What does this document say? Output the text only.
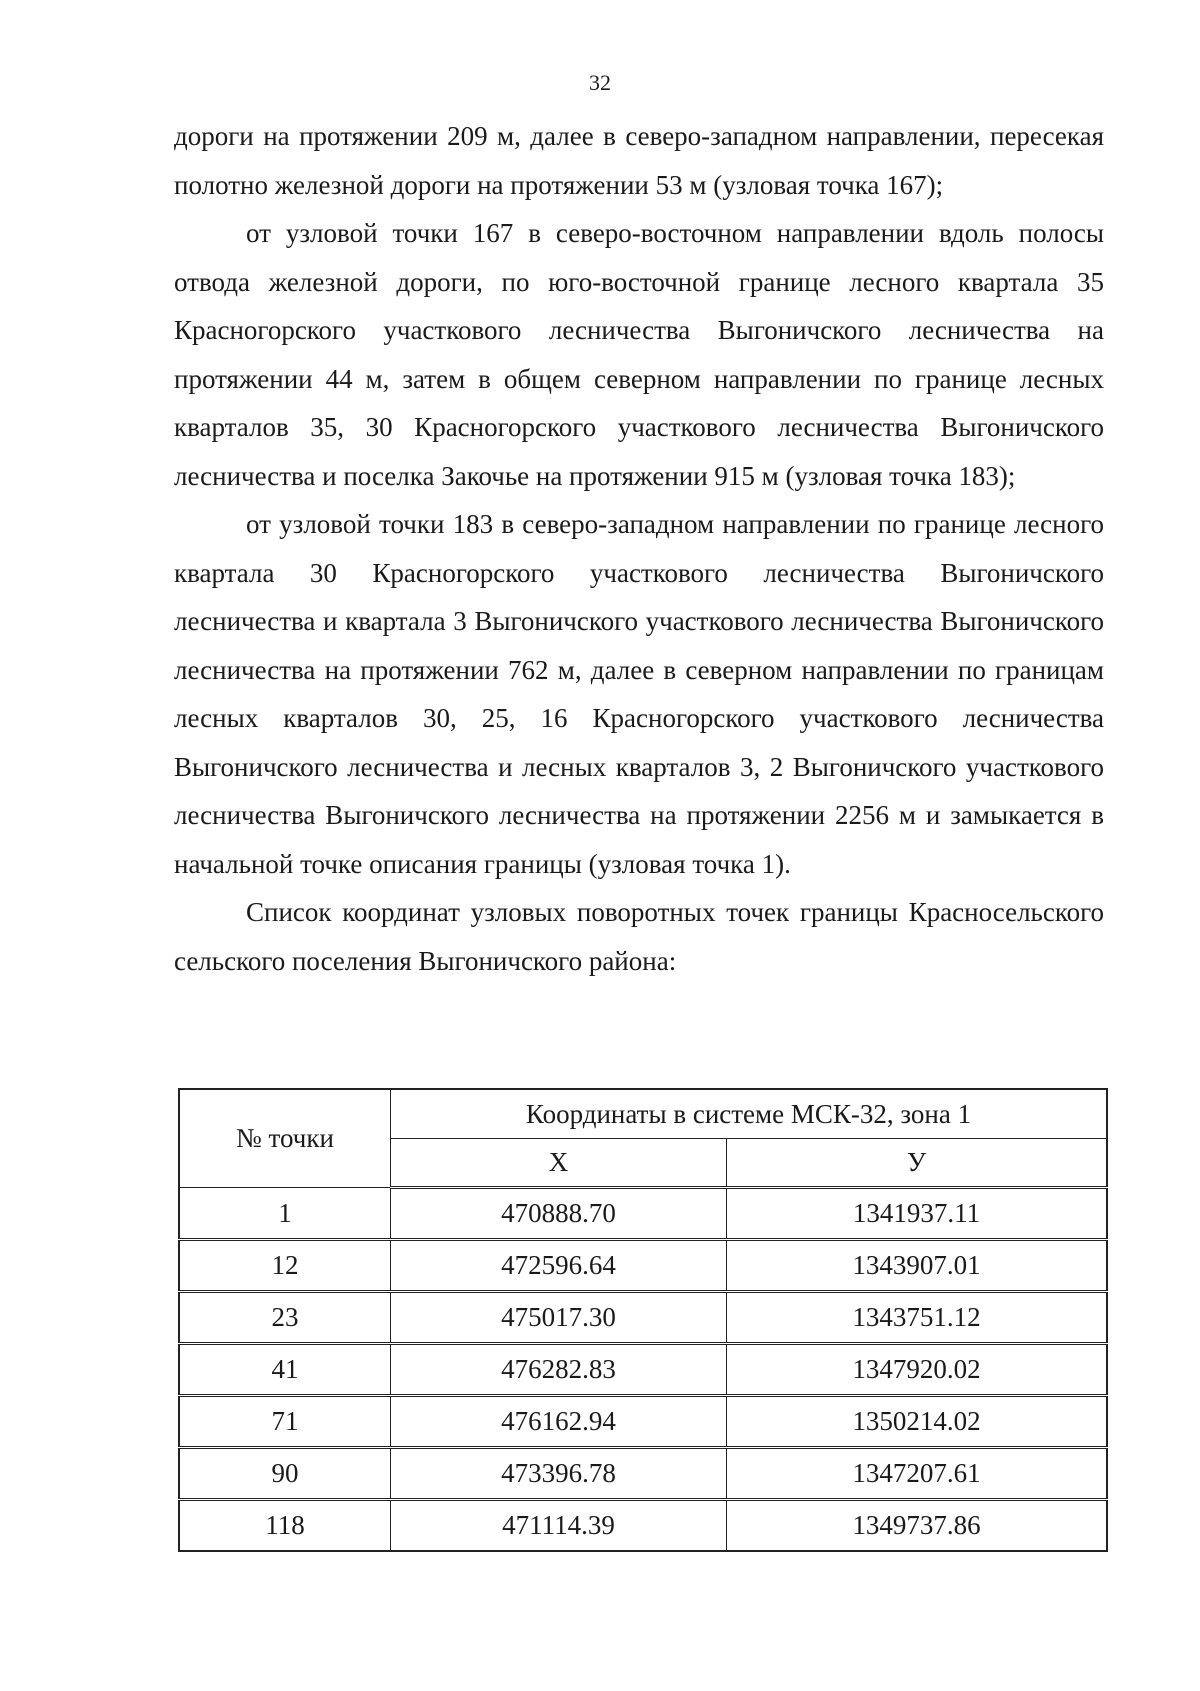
32

дороги на протяжении 209 м, далее в северо-западном направлении, пересекая полотно железной дороги на протяжении 53 м (узловая точка 167);

от узловой точки 167 в северо-восточном направлении вдоль полосы отвода железной дороги, по юго-восточной границе лесного квартала 35 Красногорского участкового лесничества Выгоничского лесничества на протяжении 44 м, затем в общем северном направлении по границе лесных кварталов 35, 30 Красногорского участкового лесничества Выгоничского лесничества и поселка Закочье на протяжении 915 м (узловая точка 183);

от узловой точки 183 в северо-западном направлении по границе лесного квартала 30 Красногорского участкового лесничества Выгоничского лесничества и квартала 3 Выгоничского участкового лесничества Выгоничского лесничества на протяжении 762 м, далее в северном направлении по границам лесных кварталов 30, 25, 16 Красногорского участкового лесничества Выгоничского лесничества и лесных кварталов 3, 2 Выгоничского участкового лесничества Выгоничского лесничества на протяжении 2256 м и замыкается в начальной точке описания границы (узловая точка 1).

Список координат узловых поворотных точек границы Красносельского сельского поселения Выгоничского района:

№ точки	Координаты в системе МСК-32, зона 1	
	Х	У
1	470888.70	1341937.11
12	472596.64	1343907.01
23	475017.30	1343751.12
41	476282.83	1347920.02
71	476162.94	1350214.02
90	473396.78	1347207.61
118	471114.39	1349737.86
